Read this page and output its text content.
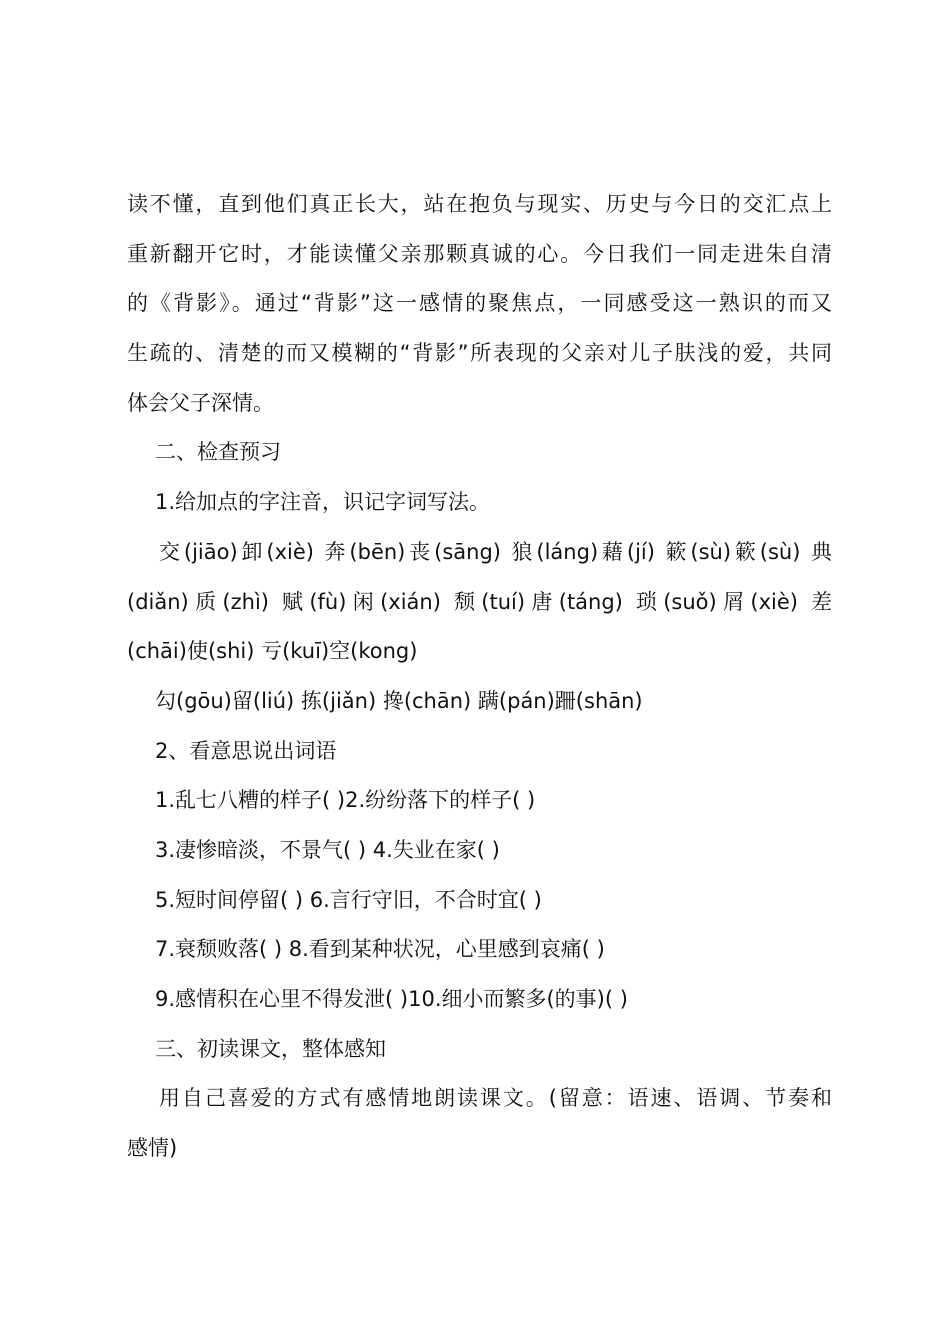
读不懂，直到他们真正长大，站在抱负与现实、历史与今日的交汇点上
重新翻开它时，才能读懂父亲那颗真诚的心。今日我们一同走进朱自清
的《背影》。通过“背影”这一感情的聚焦点，一同感受这一熟识的而又
生疏的、清楚的而又模糊的“背影”所表现的父亲对儿子肤浅的爱，共同
体会父子深情。
二、检查预习
1.给加点的字注音，识记字词写法。
交(jiāo)卸(xiè) 奔(bēn)丧(sāng) 狼(láng)藉(jí) 簌(sù)簌(sù) 典
(diǎn)质(zhì) 赋(fù)闲(xián) 颓(tuí)唐(táng) 琐(suǒ)屑(xiè) 差
(chāi)使(shi) 亏(kuī)空(kong)
勾(gōu)留(liú) 拣(jiǎn) 搀(chān) 蹒(pán)跚(shān)
2、看意思说出词语
1.乱七八糟的样子( )2.纷纷落下的样子( )
3.凄惨暗淡，不景气( ) 4.失业在家( )
5.短时间停留( ) 6.言行守旧，不合时宜( )
7.衰颓败落( ) 8.看到某种状况，心里感到哀痛( )
9.感情积在心里不得发泄( )10.细小而繁多(的事)( )
三、初读课文，整体感知
用自己喜爱的方式有感情地朗读课文。(留意：语速、语调、节奏和
感情)
